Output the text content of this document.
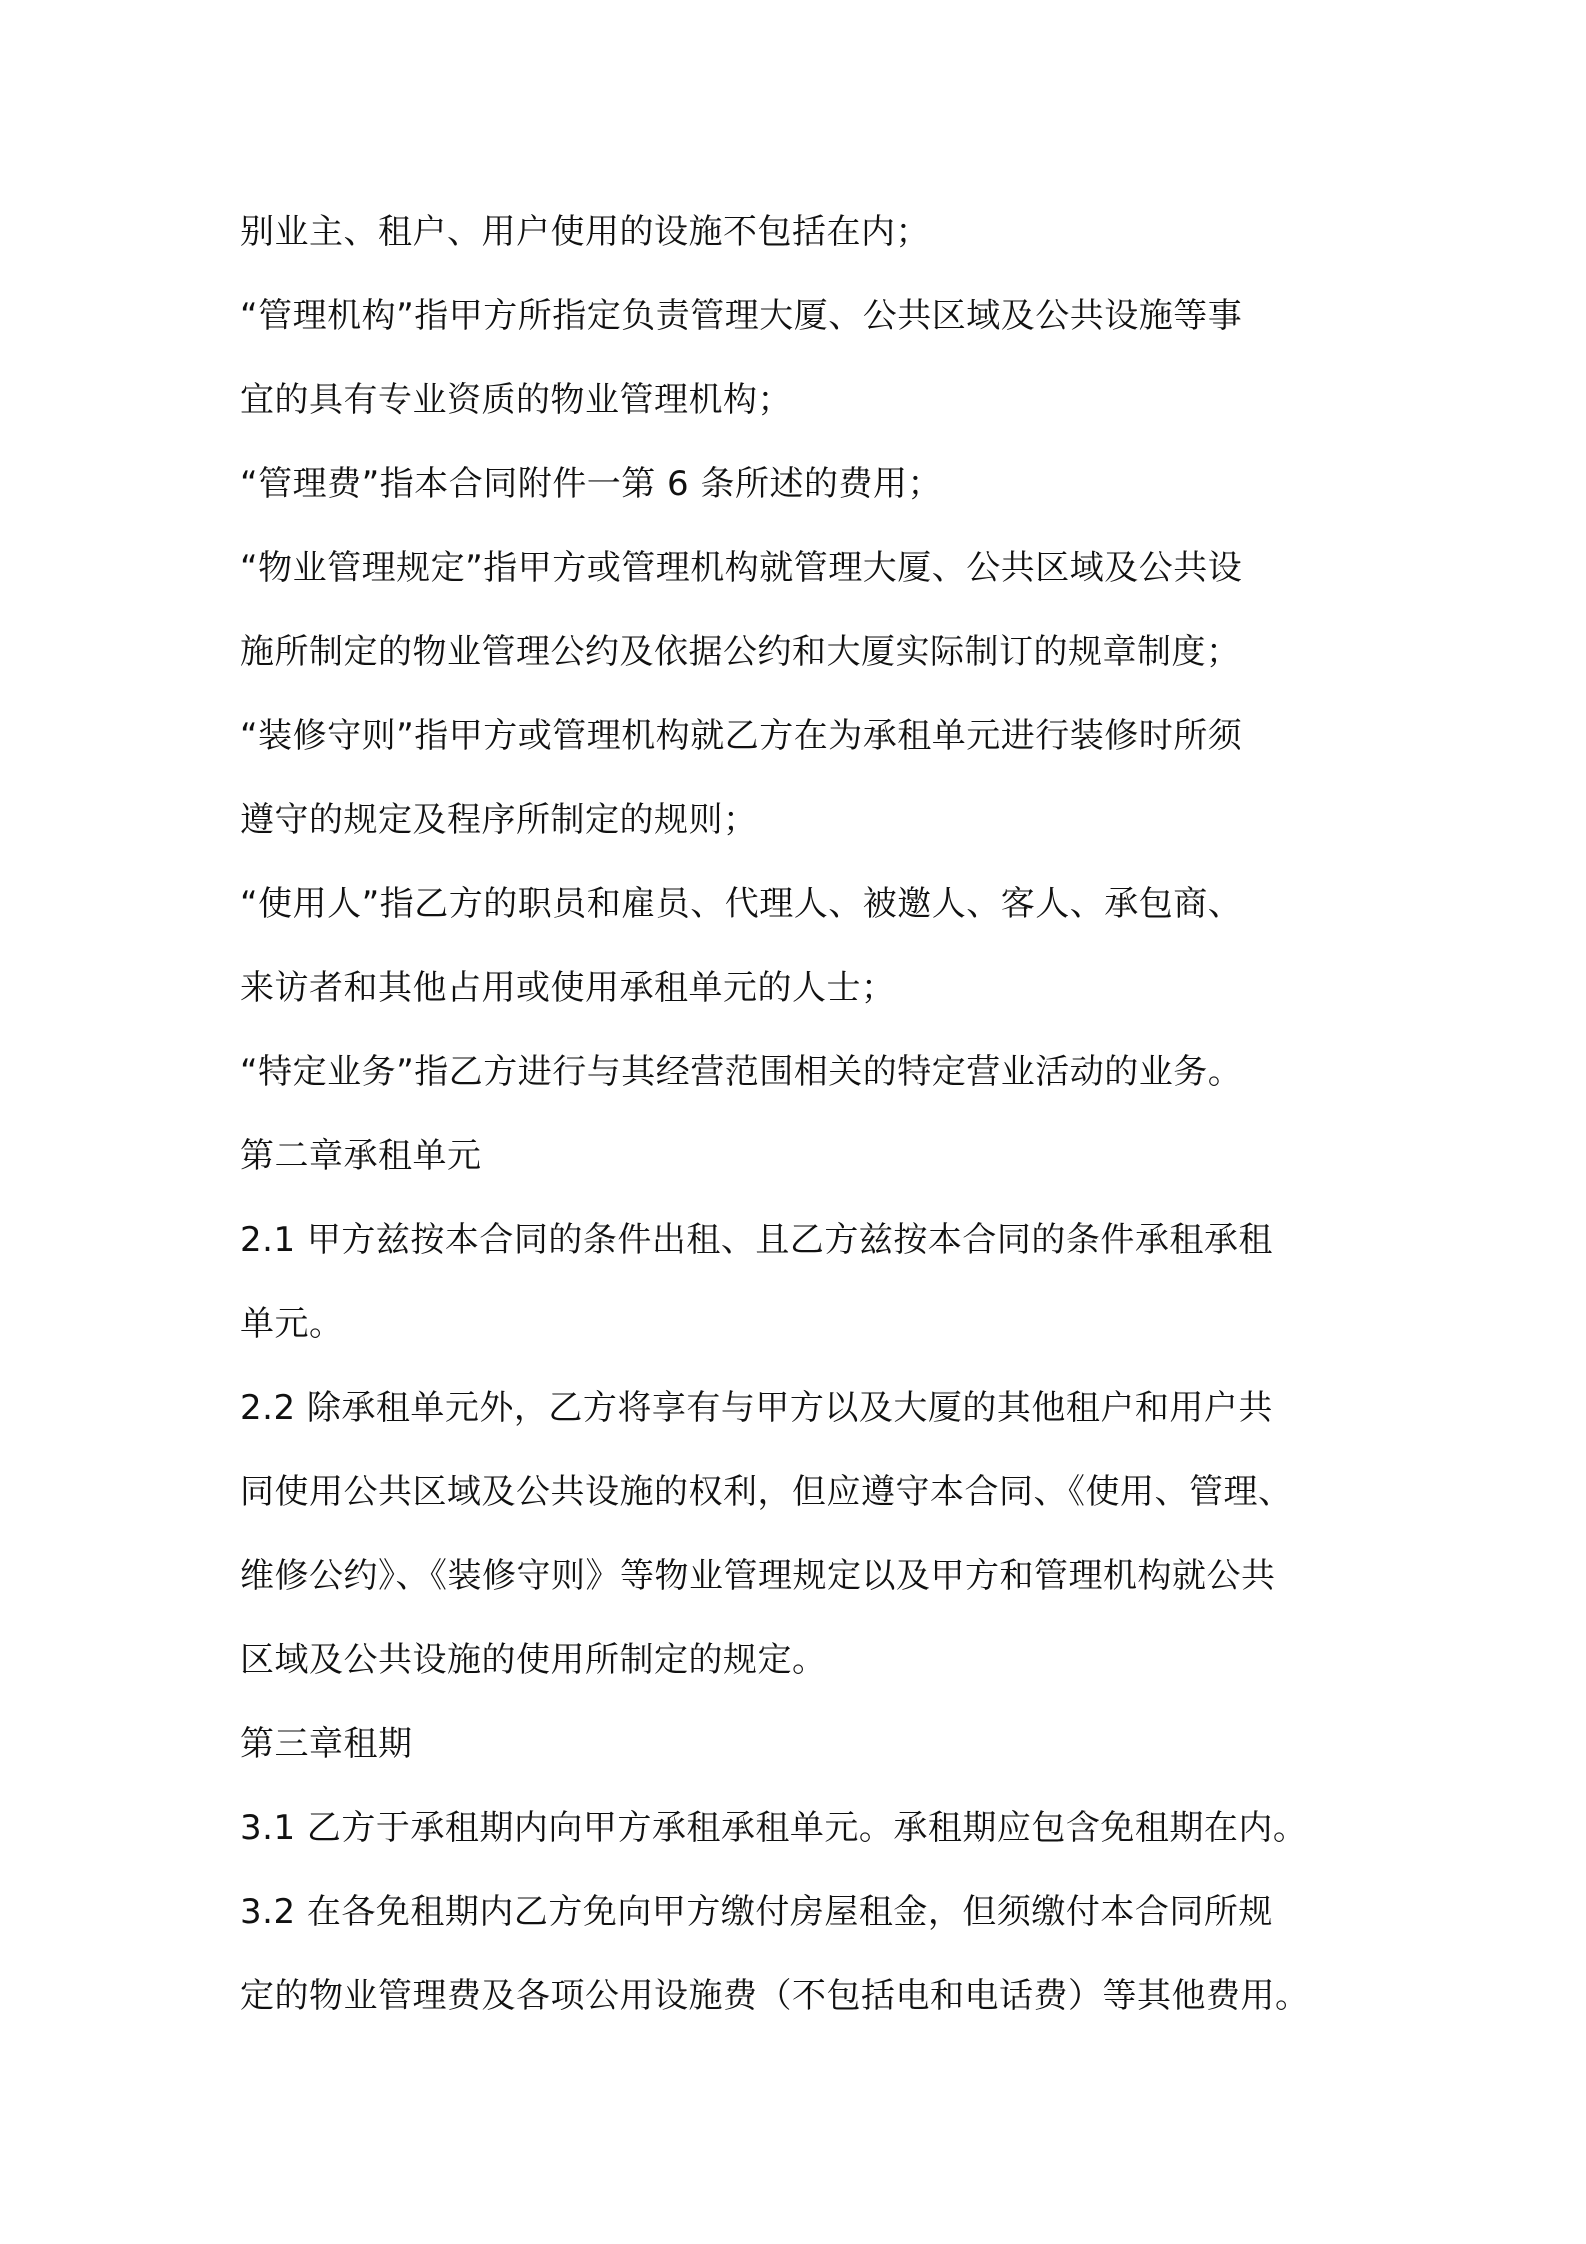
别业主、租户、用户使用的设施不包括在内；
“管理机构”指甲方所指定负责管理大厦、公共区域及公共设施等事
宜的具有专业资质的物业管理机构；
“管理费”指本合同附件一第 6 条所述的费用；
“物业管理规定”指甲方或管理机构就管理大厦、公共区域及公共设
施所制定的物业管理公约及依据公约和大厦实际制订的规章制度；
“装修守则”指甲方或管理机构就乙方在为承租单元进行装修时所须
遵守的规定及程序所制定的规则；
“使用人”指乙方的职员和雇员、代理人、被邀人、客人、承包商、
来访者和其他占用或使用承租单元的人士；
“特定业务”指乙方进行与其经营范围相关的特定营业活动的业务。
第二章承租单元
2.1 甲方兹按本合同的条件出租、且乙方兹按本合同的条件承租承租
单元。
2.2 除承租单元外，乙方将享有与甲方以及大厦的其他租户和用户共
同使用公共区域及公共设施的权利，但应遵守本合同、《使用、管理、
维修公约》、《装修守则》等物业管理规定以及甲方和管理机构就公共
区域及公共设施的使用所制定的规定。
第三章租期
3.1 乙方于承租期内向甲方承租承租单元。承租期应包含免租期在内。
3.2 在各免租期内乙方免向甲方缴付房屋租金，但须缴付本合同所规
定的物业管理费及各项公用设施费（不包括电和电话费）等其他费用。
